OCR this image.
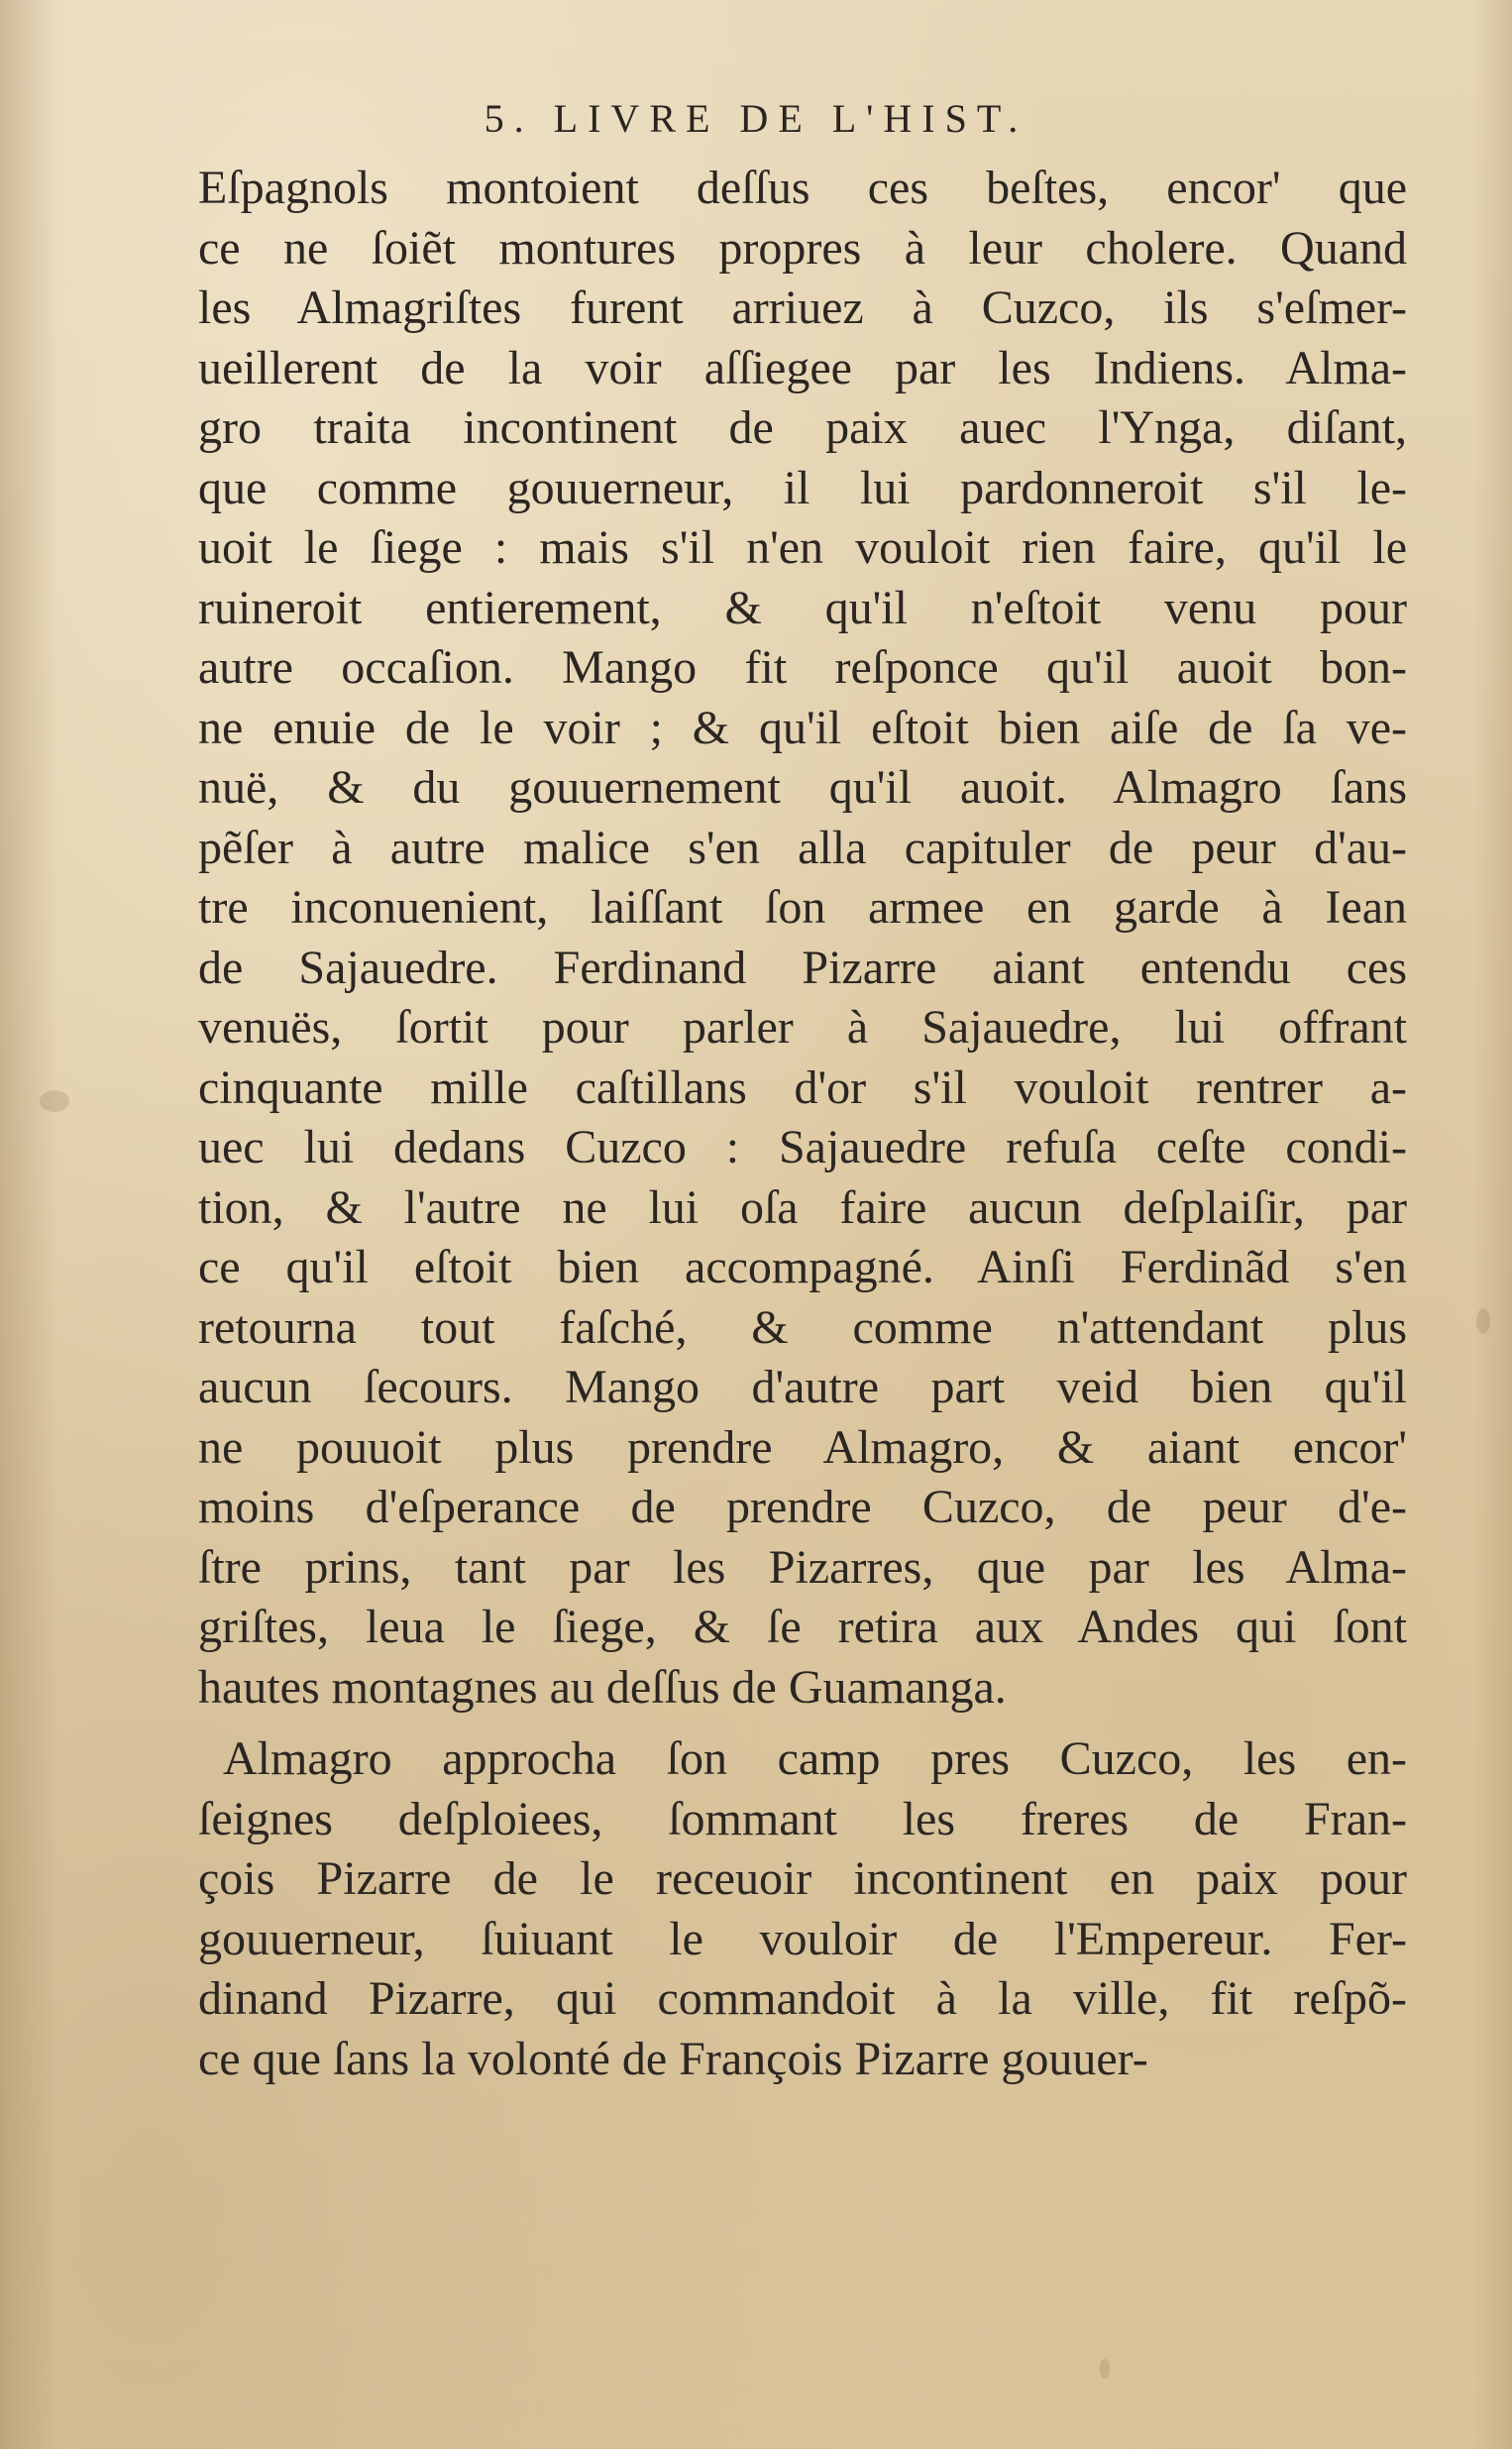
5. LIVRE DE L'HIST.
Eſpagnols montoient deſſus ces beſtes, encor' que
ce ne ſoiẽt montures propres à leur cholere. Quand
les Almagriſtes furent arriuez à Cuzco, ils s'eſmer-
ueillerent de la voir aſſiegee par les Indiens. Alma-
gro traita incontinent de paix auec l'Ynga, diſant,
que comme gouuerneur, il lui pardonneroit s'il le-
uoit le ſiege : mais s'il n'en vouloit rien faire, qu'il le
ruineroit entierement, & qu'il n'eſtoit venu pour
autre occaſion. Mango fit reſponce qu'il auoit bon-
ne enuie de le voir ; & qu'il eſtoit bien aiſe de ſa ve-
nuë, & du gouuernement qu'il auoit. Almagro ſans
pẽſer à autre malice s'en alla capituler de peur d'au-
tre inconuenient, laiſſant ſon armee en garde à Iean
de Sajauedre. Ferdinand Pizarre aiant entendu ces
venuës, ſortit pour parler à Sajauedre, lui offrant
cinquante mille caſtillans d'or s'il vouloit rentrer a-
uec lui dedans Cuzco : Sajauedre refuſa ceſte condi-
tion, & l'autre ne lui oſa faire aucun deſplaiſir, par
ce qu'il eſtoit bien accompagné. Ainſi Ferdinãd s'en
retourna tout faſché, & comme n'attendant plus
aucun ſecours. Mango d'autre part veid bien qu'il
ne pouuoit plus prendre Almagro, & aiant encor'
moins d'eſperance de prendre Cuzco, de peur d'e-
ſtre prins, tant par les Pizarres, que par les Alma-
griſtes, leua le ſiege, & ſe retira aux Andes qui ſont
hautes montagnes au deſſus de Guamanga.
Almagro approcha ſon camp pres Cuzco, les en-
ſeignes deſploiees, ſommant les freres de Fran-
çois Pizarre de le receuoir incontinent en paix pour
gouuerneur, ſuiuant le vouloir de l'Empereur. Fer-
dinand Pizarre, qui commandoit à la ville, fit reſpõ-
ce que ſans la volonté de François Pizarre gouuer-
